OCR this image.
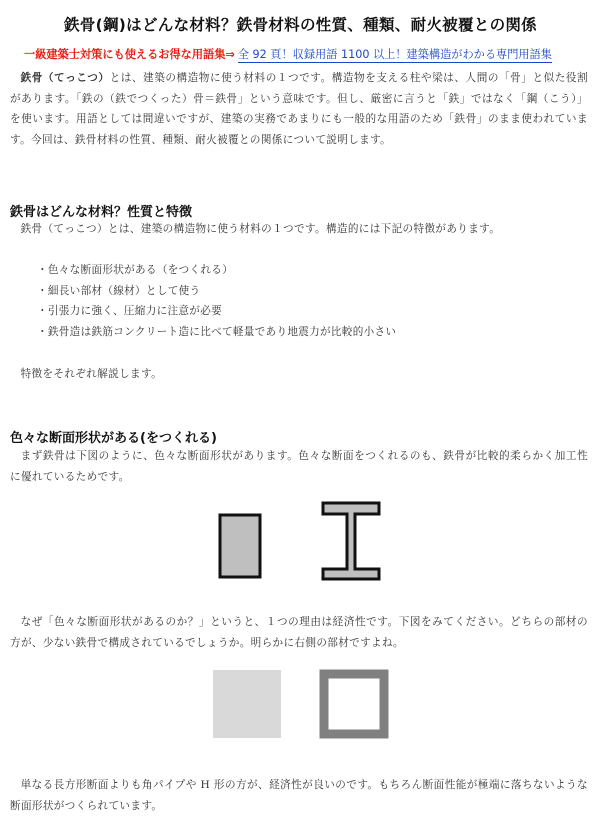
鉄骨(鋼)はどんな材料？鉄骨材料の性質、種類、耐火被覆との関係
一級建築士対策にも使えるお得な用語集⇒ 全 92 頁！収録用語 1100 以上！建築構造がわかる専門用語集
鉄骨（てっこつ）とは、建築の構造物に使う材料の１つです。構造物を支える柱や梁は、人間の「骨」と似た役割があります。「鉄の（鉄でつくった）骨＝鉄骨」という意味です。但し、厳密に言うと「鉄」ではなく「鋼（こう）」を使います。用語としては間違いですが、建築の実務であまりにも一般的な用語のため「鉄骨」のまま使われています。今回は、鉄骨材料の性質、種類、耐火被覆との関係について説明します。
鉄骨はどんな材料？性質と特徴
鉄骨（てっこつ）とは、建築の構造物に使う材料の１つです。構造的には下記の特徴があります。
・色々な断面形状がある（をつくれる）
・細長い部材（線材）として使う
・引張力に強く、圧縮力に注意が必要
・鉄骨造は鉄筋コンクリート造に比べて軽量であり地震力が比較的小さい
特徴をそれぞれ解説します。
色々な断面形状がある(をつくれる)
まず鉄骨は下図のように、色々な断面形状があります。色々な断面をつくれるのも、鉄骨が比較的柔らかく加工性に優れているためです。
なぜ「色々な断面形状があるのか？」というと、１つの理由は経済性です。下図をみてください。どちらの部材の方が、少ない鉄骨で構成されているでしょうか。明らかに右側の部材ですよね。
単なる長方形断面よりも角パイプや H 形の方が、経済性が良いのです。もちろん断面性能が極端に落ちないような断面形状がつくられています。
